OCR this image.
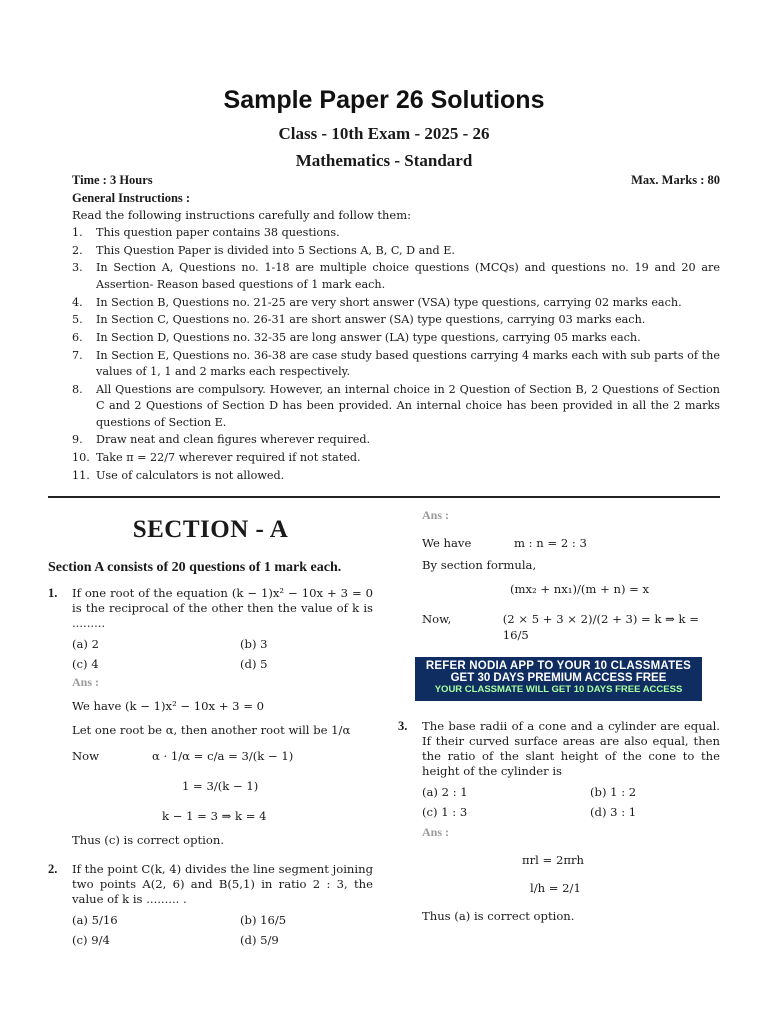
Sample Paper 26 Solutions
Class - 10th Exam - 2025 - 26
Mathematics - Standard
Time : 3 Hours	Max. Marks : 80
General Instructions :
Read the following instructions carefully and follow them:
1.	This question paper contains 38 questions.
2.	This Question Paper is divided into 5 Sections A, B, C, D and E.
3.	In Section A, Questions no. 1-18 are multiple choice questions (MCQs) and questions no. 19 and 20 are Assertion- Reason based questions of 1 mark each.
4.	In Section B, Questions no. 21-25 are very short answer (VSA) type questions, carrying 02 marks each.
5.	In Section C, Questions no. 26-31 are short answer (SA) type questions, carrying 03 marks each.
6.	In Section D, Questions no. 32-35 are long answer (LA) type questions, carrying 05 marks each.
7.	In Section E, Questions no. 36-38 are case study based questions carrying 4 marks each with sub parts of the values of 1, 1 and 2 marks each respectively.
8.	All Questions are compulsory. However, an internal choice in 2 Question of Section B, 2 Questions of Section C and 2 Questions of Section D has been provided. An internal choice has been provided in all the 2 marks questions of Section E.
9.	Draw neat and clean figures wherever required.
10. Take π = 22/7 wherever required if not stated.
11. Use of calculators is not allowed.
SECTION - A
Section A consists of 20 questions of 1 mark each.
1.	If one root of the equation (k − 1)x² − 10x + 3 = 0 is the reciprocal of the other then the value of k is .........
(a) 2	(b) 3
(c) 4	(d) 5
Ans :
We have (k − 1)x² − 10x + 3 = 0
Let one root be α, then another root will be 1/α
Now	α · 1/α = c/a = 3/(k − 1)
1 = 3/(k − 1)
k − 1 = 3 ⇒ k = 4
Thus (c) is correct option.
2.	If the point C(k, 4) divides the line segment joining two points A(2, 6) and B(5,1) in ratio 2 : 3, the value of k is ......... .
(a) 5/16	(b) 16/5
(c) 9/4	(d) 5/9
Ans :
We have	m : n = 2 : 3
By section formula,
(mx₂ + nx₁)/(m + n) = x
Now,	(2 × 5 + 3 × 2)/(2 + 3) = k ⇒ k = 16/5
REFER NODIA APP TO YOUR 10 CLASSMATES
GET 30 DAYS PREMIUM ACCESS FREE
YOUR CLASSMATE WILL GET 10 DAYS FREE ACCESS
3.	The base radii of a cone and a cylinder are equal. If their curved surface areas are also equal, then the ratio of the slant height of the cone to the height of the cylinder is
(a) 2 : 1	(b) 1 : 2
(c) 1 : 3	(d) 3 : 1
Ans :
πrl = 2πrh
l/h = 2/1
Thus (a) is correct option.
